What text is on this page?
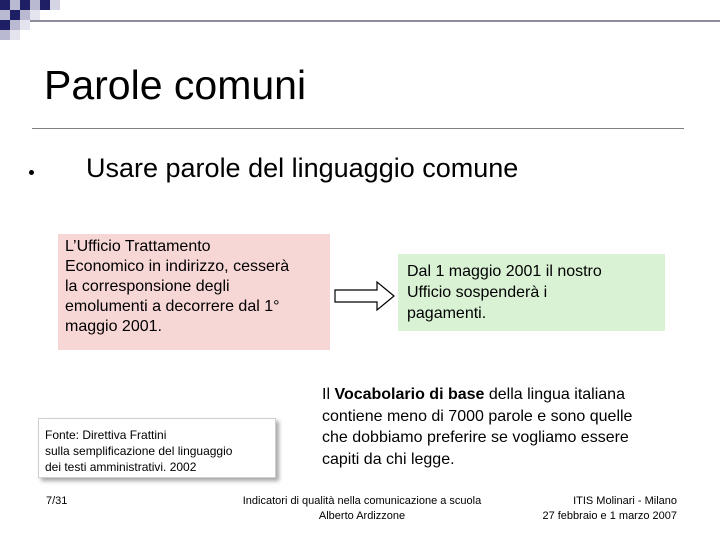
Parole comuni
Usare parole del linguaggio comune
L’Ufficio Trattamento
Economico in indirizzo, cesserà
la corresponsione degli
emolumenti a decorrere dal 1°
maggio 2001.
Dal 1 maggio 2001 il nostro
Ufficio sospenderà i
pagamenti.
Fonte: Direttiva Frattini
sulla semplificazione del linguaggio
dei testi amministrativi. 2002
Il Vocabolario di base della lingua italiana
contiene meno di 7000 parole e sono quelle
che dobbiamo preferire se vogliamo essere
capiti da chi legge.
7/31	Indicatori di qualità nella comunicazione a scuola
Alberto Ardizzone
ITIS Molinari - Milano
27 febbraio e 1 marzo 2007
